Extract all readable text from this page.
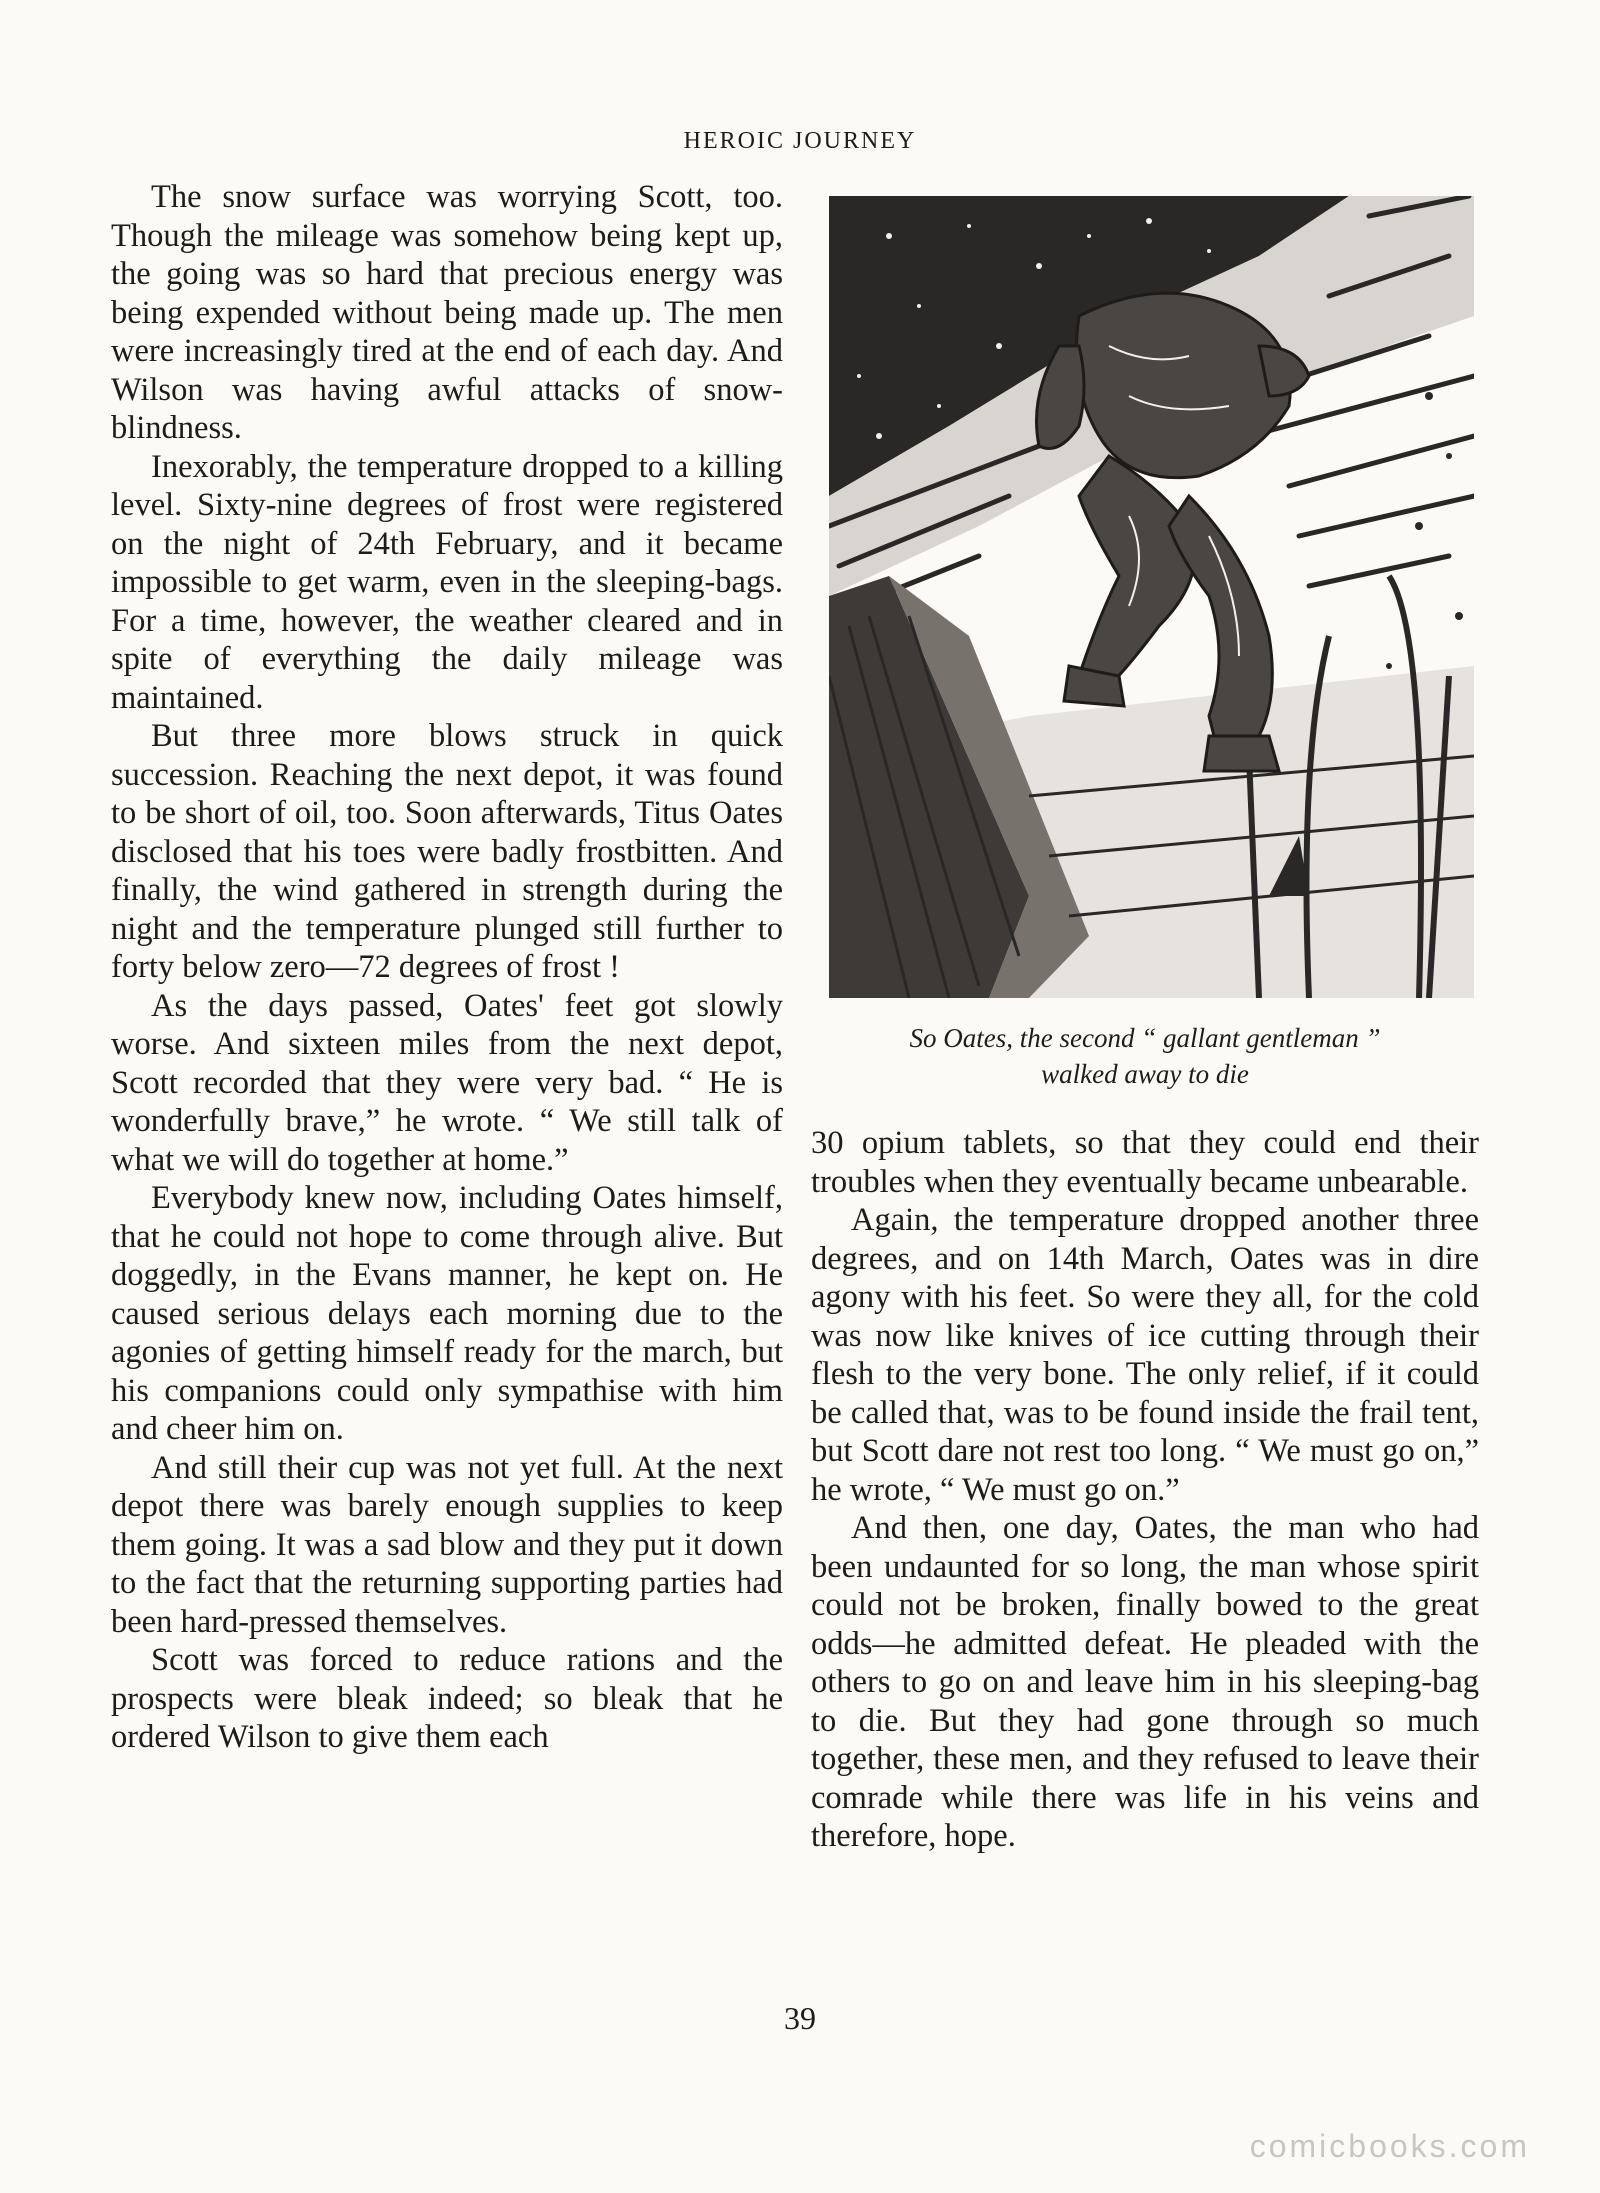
HEROIC JOURNEY

The snow surface was worrying Scott, too. Though the mileage was somehow being kept up, the going was so hard that precious energy was being expended without being made up. The men were increasingly tired at the end of each day. And Wilson was having awful attacks of snow-blindness.

Inexorably, the temperature dropped to a killing level. Sixty-nine degrees of frost were registered on the night of 24th February, and it became impossible to get warm, even in the sleeping-bags. For a time, however, the weather cleared and in spite of everything the daily mileage was maintained.

But three more blows struck in quick succession. Reaching the next depot, it was found to be short of oil, too. Soon afterwards, Titus Oates disclosed that his toes were badly frostbitten. And finally, the wind gathered in strength during the night and the temperature plunged still further to forty below zero—72 degrees of frost !

As the days passed, Oates' feet got slowly worse. And sixteen miles from the next depot, Scott recorded that they were very bad. “ He is wonderfully brave,” he wrote. “ We still talk of what we will do together at home.”

Everybody knew now, including Oates himself, that he could not hope to come through alive. But doggedly, in the Evans manner, he kept on. He caused serious delays each morning due to the agonies of getting himself ready for the march, but his companions could only sympathise with him and cheer him on.

And still their cup was not yet full. At the next depot there was barely enough supplies to keep them going. It was a sad blow and they put it down to the fact that the returning supporting parties had been hard-pressed themselves.

Scott was forced to reduce rations and the prospects were bleak indeed; so bleak that he ordered Wilson to give them each

So Oates, the second “ gallant gentleman ”
walked away to die

30 opium tablets, so that they could end their troubles when they eventually became unbearable.

Again, the temperature dropped another three degrees, and on 14th March, Oates was in dire agony with his feet. So were they all, for the cold was now like knives of ice cutting through their flesh to the very bone. The only relief, if it could be called that, was to be found inside the frail tent, but Scott dare not rest too long. “ We must go on,” he wrote, “ We must go on.”

And then, one day, Oates, the man who had been undaunted for so long, the man whose spirit could not be broken, finally bowed to the great odds—he admitted defeat. He pleaded with the others to go on and leave him in his sleeping-bag to die. But they had gone through so much together, these men, and they refused to leave their comrade while there was life in his veins and therefore, hope.

39
comicbooks.com
